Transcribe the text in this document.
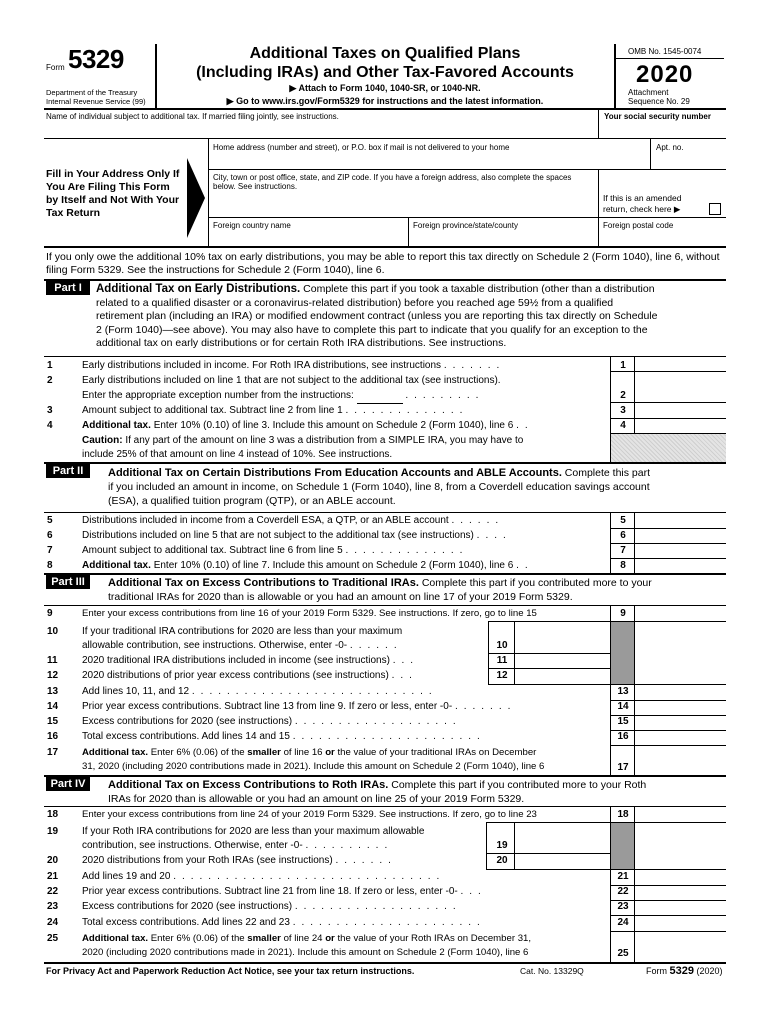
Form 5329
Department of the Treasury
Internal Revenue Service (99)
Additional Taxes on Qualified Plans
(Including IRAs) and Other Tax-Favored Accounts
▶ Attach to Form 1040, 1040-SR, or 1040-NR.
▶ Go to www.irs.gov/Form5329 for instructions and the latest information.
OMB No. 1545-0074
2020
Attachment
Sequence No. 29
Name of individual subject to additional tax. If married filing jointly, see instructions.	Your social security number
Fill in Your Address Only If You Are Filing This Form by Itself and Not With Your Tax Return
Home address (number and street), or P.O. box if mail is not delivered to your home	Apt. no.
City, town or post office, state, and ZIP code. If you have a foreign address, also complete the spaces below. See instructions.
If this is an amended return, check here ▶
Foreign country name	Foreign province/state/county	Foreign postal code
If you only owe the additional 10% tax on early distributions, you may be able to report this tax directly on Schedule 2 (Form 1040), line 6, without filing Form 5329. See the instructions for Schedule 2 (Form 1040), line 6.
Part I	Additional Tax on Early Distributions. Complete this part if you took a taxable distribution (other than a distribution
related to a qualified disaster or a coronavirus-related distribution) before you reached age 59½ from a qualified
retirement plan (including an IRA) or modified endowment contract (unless you are reporting this tax directly on Schedule
2 (Form 1040)—see above). You may also have to complete this part to indicate that you qualify for an exception to the
additional tax on early distributions or for certain Roth IRA distributions. See instructions.
1	Early distributions included in income. For Roth IRA distributions, see instructions .......	1
2	Early distributions included on line 1 that are not subject to the additional tax (see instructions).
Enter the appropriate exception number from the instructions:	.........	2
3	Amount subject to additional tax. Subtract line 2 from line 1 ..............	3
4	Additional tax. Enter 10% (0.10) of line 3. Include this amount on Schedule 2 (Form 1040), line 6 ..	4
Caution: If any part of the amount on line 3 was a distribution from a SIMPLE IRA, you may have to
include 25% of that amount on line 4 instead of 10%. See instructions.
Part II	Additional Tax on Certain Distributions From Education Accounts and ABLE Accounts. Complete this part
if you included an amount in income, on Schedule 1 (Form 1040), line 8, from a Coverdell education savings account
(ESA), a qualified tuition program (QTP), or an ABLE account.
5	Distributions included in income from a Coverdell ESA, a QTP, or an ABLE account ......	5
6	Distributions included on line 5 that are not subject to the additional tax (see instructions) ....	6
7	Amount subject to additional tax. Subtract line 6 from line 5 ..............	7
8	Additional tax. Enter 10% (0.10) of line 7. Include this amount on Schedule 2 (Form 1040), line 6 ..	8
Part III	Additional Tax on Excess Contributions to Traditional IRAs. Complete this part if you contributed more to your
traditional IRAs for 2020 than is allowable or you had an amount on line 17 of your 2019 Form 5329.
9	Enter your excess contributions from line 16 of your 2019 Form 5329. See instructions. If zero, go to line 15	9
10	If your traditional IRA contributions for 2020 are less than your maximum
allowable contribution, see instructions. Otherwise, enter -0- ......	10
11	2020 traditional IRA distributions included in income (see instructions) ...	11
12	2020 distributions of prior year excess contributions (see instructions) ...	12
13	Add lines 10, 11, and 12 ............................	13
14	Prior year excess contributions. Subtract line 13 from line 9. If zero or less, enter -0- .......	14
15	Excess contributions for 2020 (see instructions) ...................	15
16	Total excess contributions. Add lines 14 and 15 ......................	16
17	Additional tax. Enter 6% (0.06) of the smaller of line 16 or the value of your traditional IRAs on December
31, 2020 (including 2020 contributions made in 2021). Include this amount on Schedule 2 (Form 1040), line 6	17
Part IV	Additional Tax on Excess Contributions to Roth IRAs. Complete this part if you contributed more to your Roth
IRAs for 2020 than is allowable or you had an amount on line 25 of your 2019 Form 5329.
18	Enter your excess contributions from line 24 of your 2019 Form 5329. See instructions. If zero, go to line 23	18
19	If your Roth IRA contributions for 2020 are less than your maximum allowable
contribution, see instructions. Otherwise, enter -0- ..........	19
20	2020 distributions from your Roth IRAs (see instructions) .......	20
21	Add lines 19 and 20 ...............................	21
22	Prior year excess contributions. Subtract line 21 from line 18. If zero or less, enter -0- ...	22
23	Excess contributions for 2020 (see instructions) ...................	23
24	Total excess contributions. Add lines 22 and 23 ......................	24
25	Additional tax. Enter 6% (0.06) of the smaller of line 24 or the value of your Roth IRAs on December 31,
2020 (including 2020 contributions made in 2021). Include this amount on Schedule 2 (Form 1040), line 6	25
For Privacy Act and Paperwork Reduction Act Notice, see your tax return instructions.	Cat. No. 13329Q	Form 5329 (2020)
